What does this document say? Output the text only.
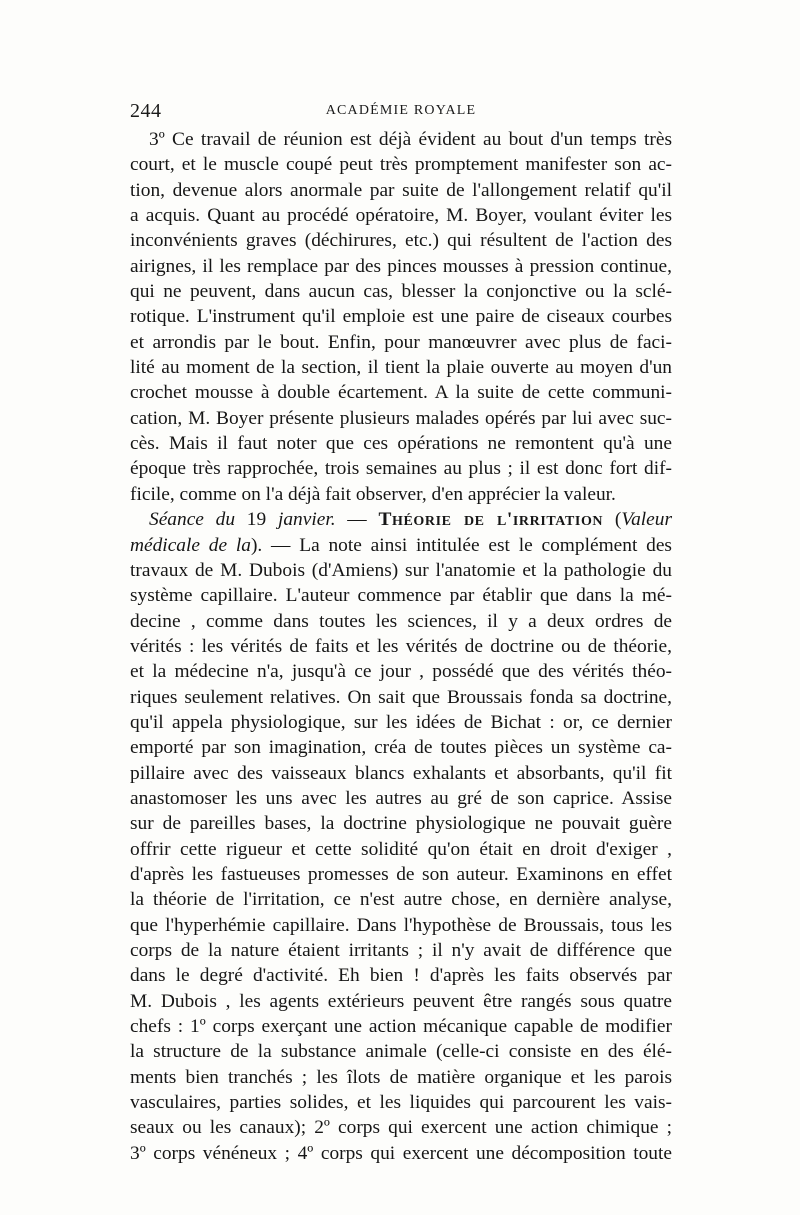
244	ACADÉMIE ROYALE
3º Ce travail de réunion est déjà évident au bout d'un temps très
court, et le muscle coupé peut très promptement manifester son ac-
tion, devenue alors anormale par suite de l'allongement relatif qu'il
a acquis. Quant au procédé opératoire, M. Boyer, voulant éviter les
inconvénients graves (déchirures, etc.) qui résultent de l'action des
airignes, il les remplace par des pinces mousses à pression continue,
qui ne peuvent, dans aucun cas, blesser la conjonctive ou la sclé-
rotique. L'instrument qu'il emploie est une paire de ciseaux courbes
et arrondis par le bout. Enfin, pour manœuvrer avec plus de faci-
lité au moment de la section, il tient la plaie ouverte au moyen d'un
crochet mousse à double écartement. A la suite de cette communi-
cation, M. Boyer présente plusieurs malades opérés par lui avec suc-
cès. Mais il faut noter que ces opérations ne remontent qu'à une
époque très rapprochée, trois semaines au plus ; il est donc fort dif-
ficile, comme on l'a déjà fait observer, d'en apprécier la valeur.
Séance du 19 janvier. — Théorie de l'irritation (Valeur
médicale de la). — La note ainsi intitulée est le complément des
travaux de M. Dubois (d'Amiens) sur l'anatomie et la pathologie du
système capillaire. L'auteur commence par établir que dans la mé-
decine , comme dans toutes les sciences, il y a deux ordres de
vérités : les vérités de faits et les vérités de doctrine ou de théorie,
et la médecine n'a, jusqu'à ce jour , possédé que des vérités théo-
riques seulement relatives. On sait que Broussais fonda sa doctrine,
qu'il appela physiologique, sur les idées de Bichat : or, ce dernier
emporté par son imagination, créa de toutes pièces un système ca-
pillaire avec des vaisseaux blancs exhalants et absorbants, qu'il fit
anastomoser les uns avec les autres au gré de son caprice. Assise
sur de pareilles bases, la doctrine physiologique ne pouvait guère
offrir cette rigueur et cette solidité qu'on était en droit d'exiger ,
d'après les fastueuses promesses de son auteur. Examinons en effet
la théorie de l'irritation, ce n'est autre chose, en dernière analyse,
que l'hyperhémie capillaire. Dans l'hypothèse de Broussais, tous les
corps de la nature étaient irritants ; il n'y avait de différence que
dans le degré d'activité. Eh bien ! d'après les faits observés par
M. Dubois , les agents extérieurs peuvent être rangés sous quatre
chefs : 1º corps exerçant une action mécanique capable de modifier
la structure de la substance animale (celle-ci consiste en des élé-
ments bien tranchés ; les îlots de matière organique et les parois
vasculaires, parties solides, et les liquides qui parcourent les vais-
seaux ou les canaux); 2º corps qui exercent une action chimique ;
3º corps vénéneux ; 4º corps qui exercent une décomposition toute
